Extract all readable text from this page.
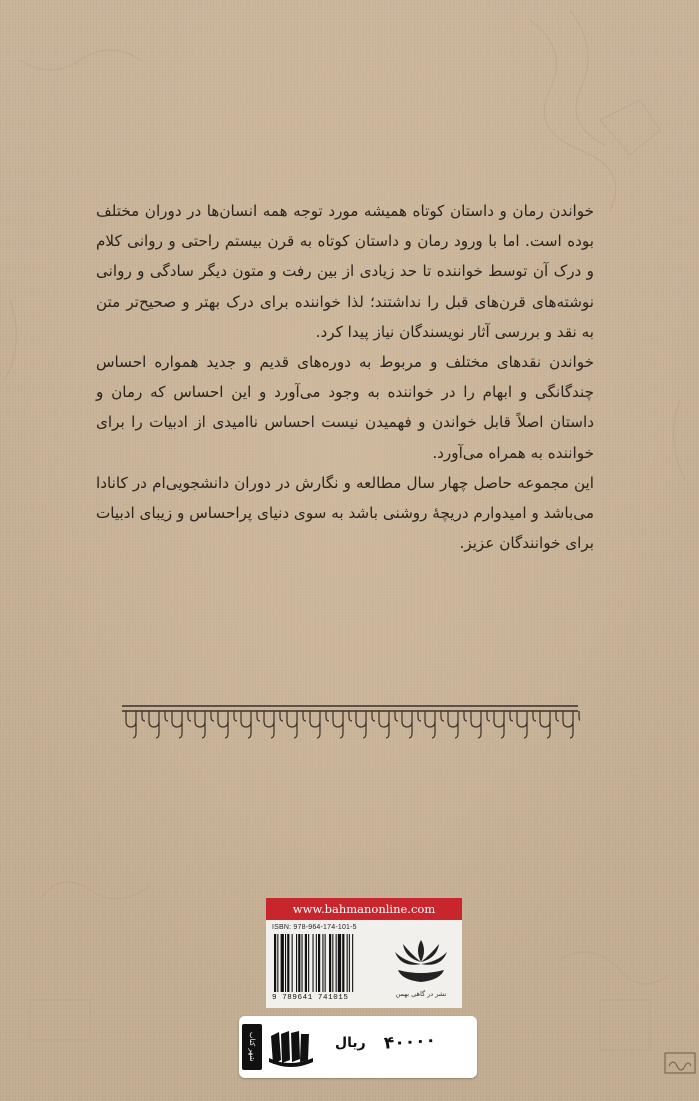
خواندن رمان و داستان کوتاه همیشه مورد توجه همه انسان‌ها در دوران مختلف بوده است. اما با ورود رمان و داستان کوتاه به قرن بیستم راحتی و روانی کلام و درک آن توسط خواننده تا حد زیادی از بین رفت و متون دیگر سادگی و روانی نوشته‌های قرن‌های قبل را نداشتند؛ لذا خواننده برای درک بهتر و صحیح‌تر متن به نقد و بررسی آثار نویسندگان نیاز پیدا کرد.

خواندن نقدهای مختلف و مربوط به دوره‌های قدیم و جدید همواره احساس چندگانگی و ابهام را در خواننده به وجود می‌آورد و این احساس که رمان و داستان اصلاً قابل خواندن و فهمیدن نیست احساس ناامیدی از ادبیات را برای خواننده به همراه می‌آورد.

این مجموعه حاصل چهار سال مطالعه و نگارش در دوران دانشجویی‌ام در کانادا می‌باشد و امیدوارم دریچهٔ روشنی باشد به سوی دنیای پراحساس و زیبای ادبیات برای خوانندگان عزیز.

www.bahmanonline.com
ISBN: 978-964-174-101-5
9 789641 741015	نشر در گاهی بهمن
شهر کتاب	ریال ۴۰۰۰۰
